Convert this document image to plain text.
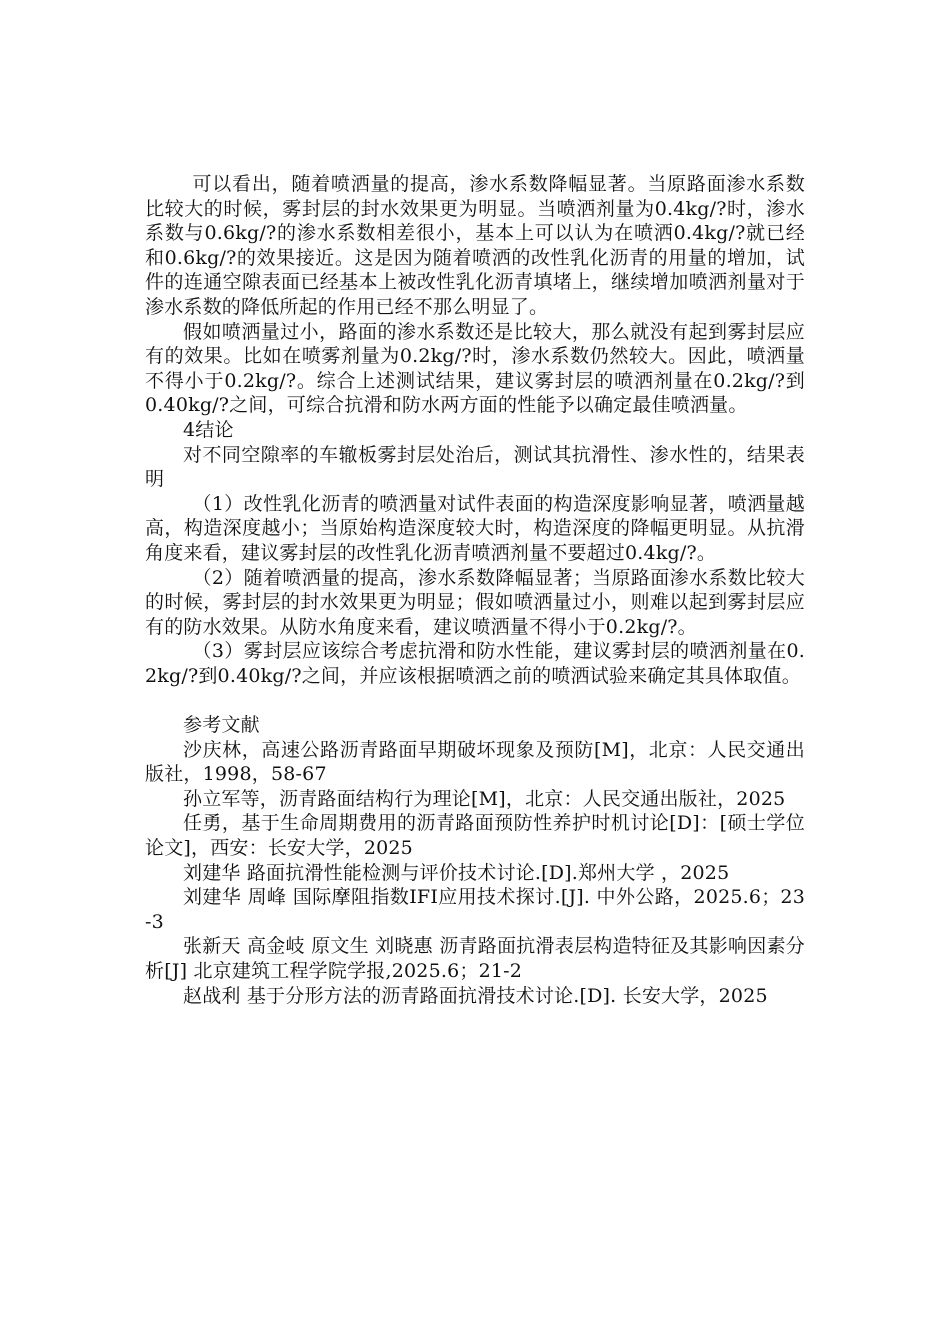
可以看出，随着喷洒量的提高，渗水系数降幅显著。当原路面渗水系数比较大的时候，雾封层的封水效果更为明显。当喷洒剂量为0.4kg/?时，渗水系数与0.6kg/?的渗水系数相差很小，基本上可以认为在喷洒0.4kg/?就已经和0.6kg/?的效果接近。这是因为随着喷洒的改性乳化沥青的用量的增加，试件的连通空隙表面已经基本上被改性乳化沥青填堵上，继续增加喷洒剂量对于渗水系数的降低所起的作用已经不那么明显了。

假如喷洒量过小，路面的渗水系数还是比较大，那么就没有起到雾封层应有的效果。比如在喷雾剂量为0.2kg/?时，渗水系数仍然较大。因此，喷洒量不得小于0.2kg/?。综合上述测试结果，建议雾封层的喷洒剂量在0.2kg/?到0.40kg/?之间，可综合抗滑和防水两方面的性能予以确定最佳喷洒量。

4结论

对不同空隙率的车辙板雾封层处治后，测试其抗滑性、渗水性的，结果表明

（1）改性乳化沥青的喷洒量对试件表面的构造深度影响显著，喷洒量越高，构造深度越小；当原始构造深度较大时，构造深度的降幅更明显。从抗滑角度来看，建议雾封层的改性乳化沥青喷洒剂量不要超过0.4kg/?。

（2）随着喷洒量的提高，渗水系数降幅显著；当原路面渗水系数比较大的时候，雾封层的封水效果更为明显；假如喷洒量过小，则难以起到雾封层应有的防水效果。从防水角度来看，建议喷洒量不得小于0.2kg/?。

（3）雾封层应该综合考虑抗滑和防水性能，建议雾封层的喷洒剂量在0.2kg/?到0.40kg/?之间，并应该根据喷洒之前的喷洒试验来确定其具体取值。

参考文献

沙庆林，高速公路沥青路面早期破坏现象及预防[M]，北京：人民交通出版社，1998，58-67

孙立军等，沥青路面结构行为理论[M]，北京：人民交通出版社，2025

任勇，基于生命周期费用的沥青路面预防性养护时机讨论[D]：[硕士学位论文]，西安：长安大学，2025

刘建华 路面抗滑性能检测与评价技术讨论.[D].郑州大学 ，2025

刘建华 周峰 国际摩阻指数IFI应用技术探讨.[J]. 中外公路，2025.6；23-3

张新天 高金岐 原文生 刘晓惠 沥青路面抗滑表层构造特征及其影响因素分析[J] 北京建筑工程学院学报,2025.6；21-2

赵战利 基于分形方法的沥青路面抗滑技术讨论.[D]. 长安大学，2025
